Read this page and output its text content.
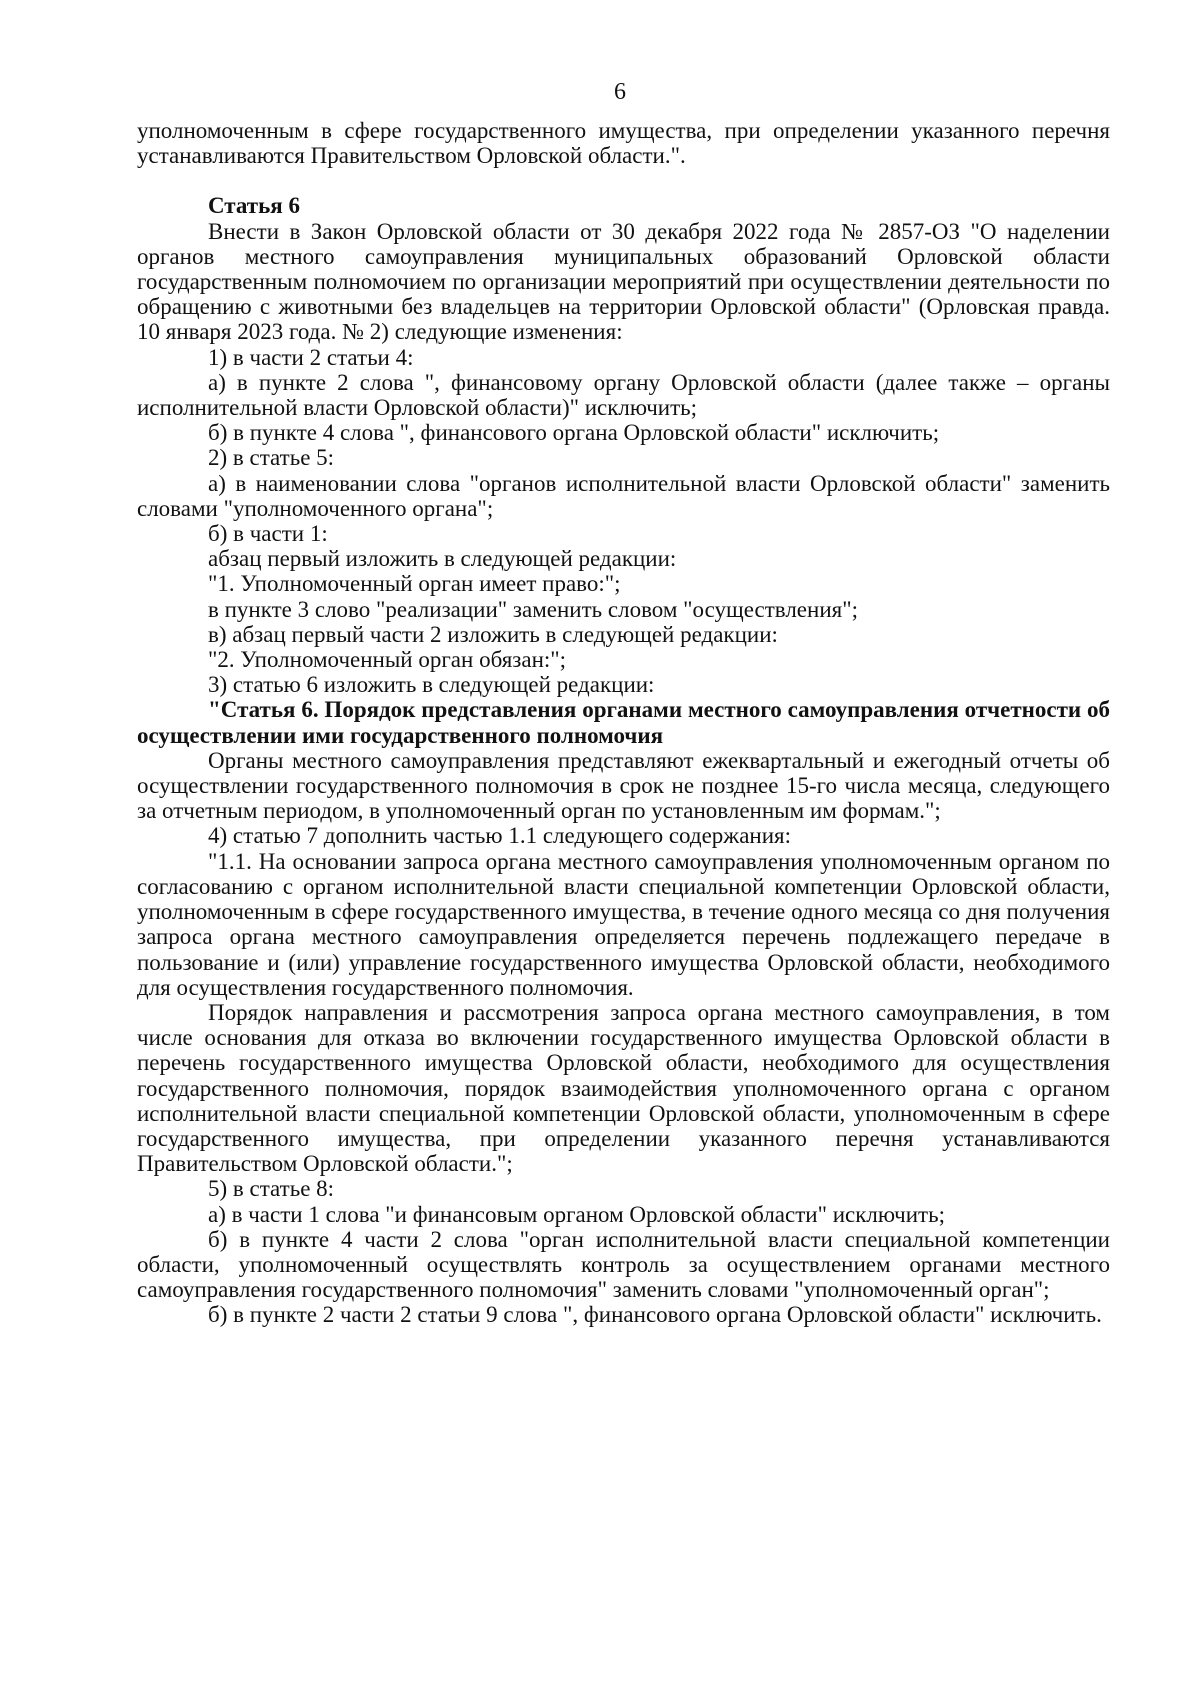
6

уполномоченным в сфере государственного имущества, при определении указанного перечня устанавливаются Правительством Орловской области.".

Статья 6

Внести в Закон Орловской области от 30 декабря 2022 года № 2857-ОЗ "О наделении органов местного самоуправления муниципальных образований Орловской области государственным полномочием по организации мероприятий при осуществлении деятельности по обращению с животными без владельцев на территории Орловской области" (Орловская правда. 10 января 2023 года. № 2) следующие изменения:

1) в части 2 статьи 4:

а) в пункте 2 слова ", финансовому органу Орловской области (далее также – органы исполнительной власти Орловской области)" исключить;

б) в пункте 4 слова ", финансового органа Орловской области" исключить;

2) в статье 5:

а) в наименовании слова "органов исполнительной власти Орловской области" заменить словами "уполномоченного органа";

б) в части 1:

абзац первый изложить в следующей редакции:

"1. Уполномоченный орган имеет право:";

в пункте 3 слово "реализации" заменить словом "осуществления";

в) абзац первый части 2 изложить в следующей редакции:

"2. Уполномоченный орган обязан:";

3) статью 6 изложить в следующей редакции:

"Статья 6. Порядок представления органами местного самоуправления отчетности об осуществлении ими государственного полномочия

Органы местного самоуправления представляют ежеквартальный и ежегодный отчеты об осуществлении государственного полномочия в срок не позднее 15-го числа месяца, следующего за отчетным периодом, в уполномоченный орган по установленным им формам.";

4) статью 7 дополнить частью 1.1 следующего содержания:

"1.1. На основании запроса органа местного самоуправления уполномоченным органом по согласованию с органом исполнительной власти специальной компетенции Орловской области, уполномоченным в сфере государственного имущества, в течение одного месяца со дня получения запроса органа местного самоуправления определяется перечень подлежащего передаче в пользование и (или) управление государственного имущества Орловской области, необходимого для осуществления государственного полномочия.

Порядок направления и рассмотрения запроса органа местного самоуправления, в том числе основания для отказа во включении государственного имущества Орловской области в перечень государственного имущества Орловской области, необходимого для осуществления государственного полномочия, порядок взаимодействия уполномоченного органа с органом исполнительной власти специальной компетенции Орловской области, уполномоченным в сфере государственного имущества, при определении указанного перечня устанавливаются Правительством Орловской области.";

5) в статье 8:

а) в части 1 слова "и финансовым органом Орловской области" исключить;

б) в пункте 4 части 2 слова "орган исполнительной власти специальной компетенции области, уполномоченный осуществлять контроль за осуществлением органами местного самоуправления государственного полномочия" заменить словами "уполномоченный орган";

б) в пункте 2 части 2 статьи 9 слова ", финансового органа Орловской области" исключить.
